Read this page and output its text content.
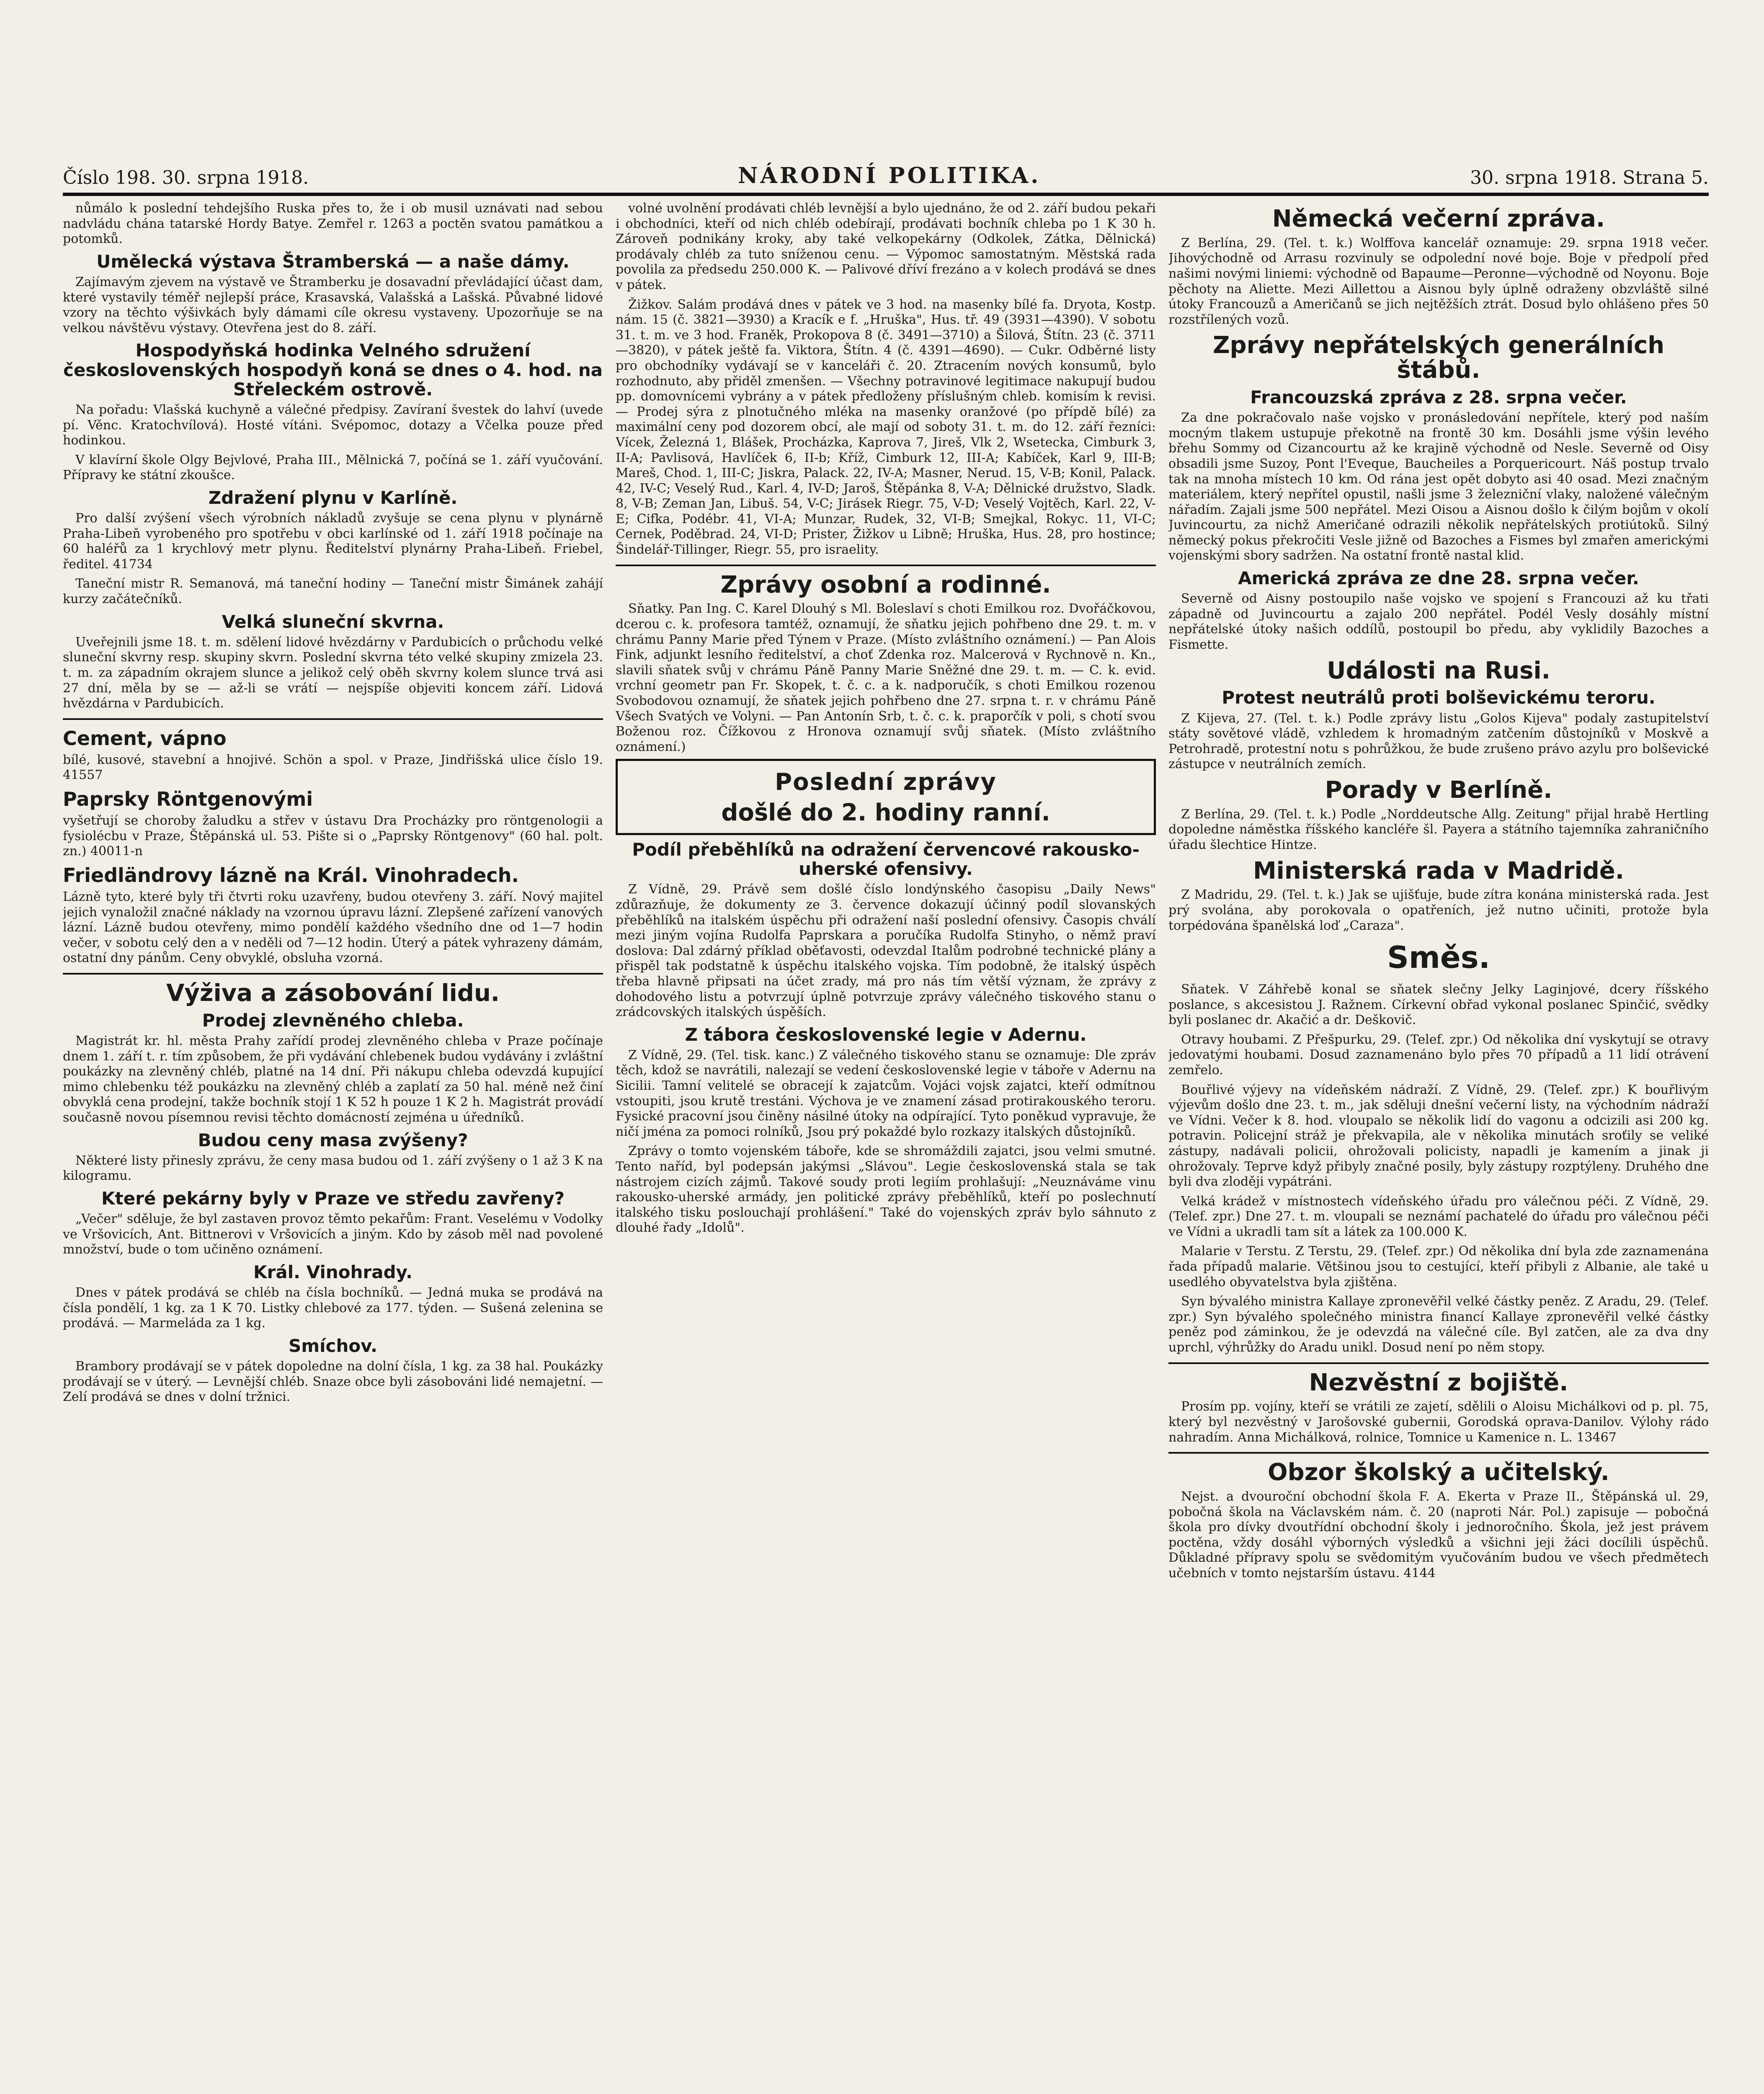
Číslo 198. 30. srpna 1918.	NÁRODNÍ POLITIKA.	30. srpna 1918. Strana 5.

nůmálo k poslední tehdejšího Ruska přes to, že i ob musil uznávati nad sebou nadvládu chána tatarské Hordy Batye. Zemřel r. 1263 a poctěn svatou památkou a potomků.

Umělecká výstava Štramberská — a naše dámy.

Zajímavým zjevem na výstavě ve Štramberku je dosavadní převládající účast dam, které vystavily téměř nejlepší práce, Krasavská, Valašská a Lašská. Půvabné lidové vzory na těchto výšivkách byly dámami cíle okresu vystaveny. Upozorňuje se na velkou návštěvu výstavy. Otevřena jest do 8. září.

Hospodyňská hodinka Velného sdružení československých hospodyň koná se dnes o 4. hod. na Střeleckém ostrově.

Na pořadu: Vlašská kuchyně a válečné předpisy. Zavíraní švestek do lahví (uvede pí. Věnc. Kratochvílová). Hosté vítáni. Svépomoc, dotazy a Včelka pouze před hodinkou.

V klavírní škole Olgy Bejvlové, Praha III., Mělnická 7, počíná se 1. září vyučování. Přípravy ke státní zkoušce.

Zdražení plynu v Karlíně.

Pro další zvýšení všech výrobních nákladů zvyšuje se cena plynu v plynárně Praha-Libeň vyrobeného pro spotřebu v obci karlínské od 1. září 1918 počínaje na 60 haléřů za 1 krychlový metr plynu. Ředitelství plynárny Praha-Libeň. Friebel, ředitel. 41734

Taneční mistr R. Semanová, má taneční hodiny — Taneční mistr Šimánek zahájí kurzy začátečníků.

Velká sluneční skvrna.

Uveřejnili jsme 18. t. m. sdělení lidové hvězdárny v Pardubicích o průchodu velké sluneční skvrny resp. skupiny skvrn. Poslední skvrna této velké skupiny zmizela 23. t. m. za západním okrajem slunce a jelikož celý oběh skvrny kolem slunce trvá asi 27 dní, měla by se — až-li se vrátí — nejspíše objeviti koncem září. Lidová hvězdárna v Pardubicích.

Cement, vápno
bílé, kusové, stavební a hnojivé. Schön a spol. v Praze, Jindřišská ulice číslo 19. 41557
Paprsky Röntgenovými
vyšetřují se choroby žaludku a střev v ústavu Dra Procházky pro röntgenologii a fysiolécbu v Praze, Štěpánská ul. 53. Pište si o „Paprsky Röntgenovy" (60 hal. polt. zn.) 40011-n
Friedländrovy lázně na Král. Vinohradech.
Lázně tyto, které byly tři čtvrti roku uzavřeny, budou otevřeny 3. září. Nový majitel jejich vynaložil značné náklady na vzornou úpravu lázní. Zlepšené zařízení vanových lázní. Lázně budou otevřeny, mimo pondělí každého všedního dne od 1—7 hodin večer, v sobotu celý den a v neděli od 7—12 hodin. Úterý a pátek vyhrazeny dámám, ostatní dny pánům. Ceny obvyklé, obsluha vzorná.
Výživa a zásobování lidu.
Prodej zlevněného chleba.

Magistrát kr. hl. města Prahy zařídí prodej zlevněného chleba v Praze počínaje dnem 1. září t. r. tím způsobem, že při vydávání chlebenek budou vydávány i zvláštní poukázky na zlevněný chléb, platné na 14 dní. Při nákupu chleba odevzdá kupující mimo chlebenku též poukázku na zlevněný chléb a zaplatí za 50 hal. méně než činí obvyklá cena prodejní, takže bochník stojí 1 K 52 h pouze 1 K 2 h. Magistrát provádí současně novou písemnou revisi těchto domácností zejména u úředníků.

Budou ceny masa zvýšeny?

Některé listy přinesly zprávu, že ceny masa budou od 1. září zvýšeny o 1 až 3 K na kilogramu.

Které pekárny byly v Praze ve středu zavřeny?

„Večer" sděluje, že byl zastaven provoz těmto pekařům: Frant. Veselému v Vodolky ve Vršovicích, Ant. Bittnerovi v Vršovicích a jiným. Kdo by zásob měl nad povolené množství, bude o tom učiněno oznámení.

Král. Vinohrady.

Dnes v pátek prodává se chléb na čísla bochníků. — Jedná muka se prodává na čísla pondělí, 1 kg. za 1 K 70. Listky chlebové za 177. týden. — Sušená zelenina se prodává. — Marmeláda za 1 kg.

Smíchov.

Brambory prodávají se v pátek dopoledne na dolní čísla, 1 kg. za 38 hal. Poukázky prodávají se v úterý. — Levnější chléb. Snaze obce byli zásobováni lidé nemajetní. — Zelí prodává se dnes v dolní tržnici.

volné uvolnění prodávati chléb levnější a bylo ujednáno, že od 2. září budou pekaři i obchodníci, kteří od nich chléb odebírají, prodávati bochník chleba po 1 K 30 h. Zároveň podnikány kroky, aby také velkopekárny (Odkolek, Zátka, Dělnická) prodávaly chléb za tuto sníženou cenu. — Výpomoc samostatným. Městská rada povolila za předsedu 250.000 K. — Palivové dříví frezáno a v kolech prodává se dnes v pátek.

Žižkov. Salám prodává dnes v pátek ve 3 hod. na masenky bílé fa. Dryota, Kostp. nám. 15 (č. 3821—3930) a Kracík e f. „Hruška", Hus. tř. 49 (3931—4390). V sobotu 31. t. m. ve 3 hod. Franěk, Prokopova 8 (č. 3491—3710) a Šilová, Štítn. 23 (č. 3711—3820), v pátek ještě fa. Viktora, Štítn. 4 (č. 4391—4690). — Cukr. Odběrné listy pro obchodníky vydávají se v kanceláři č. 20. Ztracením nových konsumů, bylo rozhodnuto, aby přiděl zmenšen. — Všechny potravinové legitimace nakupují budou pp. domovnícemi vybrány a v pátek předloženy příslušným chleb. komisím k revisi. — Prodej sýra z plnotučného mléka na masenky oranžové (po přípdě bílé) za maximální ceny pod dozorem obcí, ale mají od soboty 31. t. m. do 12. září řezníci: Vícek, Železná 1, Blášek, Procházka, Kaprova 7, Jireš, Vlk 2, Wsetecka, Cimburk 3, II-A; Pavlisová, Havlíček 6, II-b; Kříž, Cimburk 12, III-A; Kabíček, Karl 9, III-B; Mareš, Chod. 1, III-C; Jiskra, Palack. 22, IV-A; Masner, Nerud. 15, V-B; Konil, Palack. 42, IV-C; Veselý Rud., Karl. 4, IV-D; Jaroš, Štěpánka 8, V-A; Dělnické družstvo, Sladk. 8, V-B; Zeman Jan, Libuš. 54, V-C; Jirásek Riegr. 75, V-D; Veselý Vojtěch, Karl. 22, V-E; Cifka, Podébr. 41, VI-A; Munzar, Rudek, 32, VI-B; Smejkal, Rokyc. 11, VI-C; Cernek, Poděbrad. 24, VI-D; Prister, Žižkov u Libně; Hruška, Hus. 28, pro hostince; Šindelář-Tillinger, Riegr. 55, pro israelity.

Zprávy osobní a rodinné.

Sňatky. Pan Ing. C. Karel Dlouhý s Ml. Boleslaví s choti Emilkou roz. Dvořáčkovou, dcerou c. k. profesora tamtéž, oznamují, že sňatku jejich pohřbeno dne 29. t. m. v chrámu Panny Marie před Týnem v Praze. (Místo zvláštního oznámení.) — Pan Alois Fink, adjunkt lesního ředitelství, a choť Zdenka roz. Malcerová v Rychnově n. Kn., slavili sňatek svůj v chrámu Páně Panny Marie Sněžné dne 29. t. m. — C. k. evid. vrchní geometr pan Fr. Skopek, t. č. c. a k. nadporučík, s choti Emilkou rozenou Svobodovou oznamují, že sňatek jejich pohřbeno dne 27. srpna t. r. v chrámu Páně Všech Svatých ve Volyni. — Pan Antonín Srb, t. č. c. k. praporčík v poli, s chotí svou Boženou roz. Čížkovou z Hronova oznamují svůj sňatek. (Místo zvláštního oznámení.)

Poslední zprávy
došlé do 2. hodiny ranní.
Podíl přeběhlíků na odražení červencové rakousko-uherské ofensivy.

Z Vídně, 29. Právě sem došlé číslo londýnského časopisu „Daily News" zdůrazňuje, že dokumenty ze 3. července dokazují účinný podíl slovanských přeběhlíků na italském úspěchu při odražení naší poslední ofensivy. Časopis chválí mezi jiným vojína Rudolfa Paprskara a poručíka Rudolfa Stinyho, o němž praví doslova: Dal zdárný příklad oběťavosti, odevzdal Italům podrobné technické plány a přispěl tak podstatně k úspěchu italského vojska. Tím podobně, že italský úspěch třeba hlavně připsati na účet zrady, má pro nás tím větší význam, že zprávy z dohodového listu a potvrzují úplně potvrzuje zprávy válečného tiskového stanu o zrádcovských italských úspěších.

Z tábora československé legie v Adernu.

Z Vídně, 29. (Tel. tisk. kanc.) Z válečného tiskového stanu se oznamuje: Dle zpráv těch, kdož se navrátili, nalezají se vedení československé legie v táboře v Adernu na Sicilii. Tamní velitelé se obracejí k zajatcům. Vojáci vojsk zajatci, kteří odmítnou vstoupiti, jsou krutě trestáni. Výchova je ve znamení zásad protirakouského teroru. Fysické pracovní jsou činěny násilné útoky na odpírající. Tyto poněkud vypravuje, že ničí jména za pomoci rolníků, Jsou prý pokaždé bylo rozkazy italských důstojníků.

Zprávy o tomto vojenském táboře, kde se shromáždili zajatci, jsou velmi smutné. Tento naříd, byl podepsán jakýmsi „Slávou". Legie československá stala se tak nástrojem cizích zájmů. Takové soudy proti legiím prohlašují: „Neuznáváme vinu rakousko-uherské armády, jen politické zprávy přeběhlíků, kteří po poslechnutí italského tisku poslouchají prohlášení." Také do vojenských zpráv bylo sáhnuto z dlouhé řady „Idolů".

Německá večerní zpráva.

Z Berlína, 29. (Tel. t. k.) Wolffova kancelář oznamuje: 29. srpna 1918 večer. Jihovýchodně od Arrasu rozvinuly se odpolední nové boje. Boje v předpolí před našimi novými liniemi: východně od Bapaume—Peronne—východně od Noyonu. Boje pěchoty na Aliette. Mezi Aillettou a Aisnou byly úplně odraženy obzvláště silné útoky Francouzů a Američanů se jich nejtěžších ztrát. Dosud bylo ohlášeno přes 50 rozstřílených vozů.

Zprávy nepřátelských generálních štábů.
Francouzská zpráva z 28. srpna večer.

Za dne pokračovalo naše vojsko v pronásledování nepřítele, který pod naším mocným tlakem ustupuje překotně na frontě 30 km. Dosáhli jsme výšin levého břehu Sommy od Cizancourtu až ke krajině východně od Nesle. Severně od Oisy obsadili jsme Suzoy, Pont l'Eveque, Baucheiles a Porquericourt. Náš postup trvalo tak na mnoha místech 10 km. Od rána jest opět dobyto asi 40 osad. Mezi značným materiálem, který nepřítel opustil, našli jsme 3 železniční vlaky, naložené válečným nářadím. Zajali jsme 500 nepřátel. Mezi Oisou a Aisnou došlo k čilým bojům v okolí Juvincourtu, za nichž Američané odrazili několik nepřátelských protiútoků. Silný německý pokus překročiti Vesle jižně od Bazoches a Fismes byl zmařen americkými vojenskými sbory sadržen. Na ostatní frontě nastal klid.

Americká zpráva ze dne 28. srpna večer.

Severně od Aisny postoupilo naše vojsko ve spojení s Francouzi až ku třati západně od Juvincourtu a zajalo 200 nepřátel. Podél Vesly dosáhly místní nepřátelské útoky našich oddílů, postoupil bo předu, aby vyklidily Bazoches a Fismette.

Události na Rusi.
Protest neutrálů proti bolševickému teroru.

Z Kijeva, 27. (Tel. t. k.) Podle zprávy listu „Golos Kijeva" podaly zastupitelství státy sovětové vládě, vzhledem k hromadným zatčením důstojníků v Moskvě a Petrohradě, protestní notu s pohrůžkou, že bude zrušeno právo azylu pro bolševické zástupce v neutrálních zemích.

Porady v Berlíně.

Z Berlína, 29. (Tel. t. k.) Podle „Norddeutsche Allg. Zeitung" přijal hrabě Hertling dopoledne náměstka říšského kancléře šl. Payera a státního tajemníka zahraničního úřadu šlechtice Hintze.

Ministerská rada v Madridě.

Z Madridu, 29. (Tel. t. k.) Jak se ujišťuje, bude zítra konána ministerská rada. Jest prý svolána, aby porokovala o opatřeních, jež nutno učiniti, protože byla torpédována španělská loď „Caraza".

Směs.

Sňatek. V Záhřebě konal se sňatek slečny Jelky Laginjové, dcery říšského poslance, s akcesistou J. Ražnem. Církevní obřad vykonal poslanec Spinčić, svědky byli poslanec dr. Akačić a dr. Deškovič.

Otravy houbami. Z Přešpurku, 29. (Telef. zpr.) Od několika dní vyskytují se otravy jedovatými houbami. Dosud zaznamenáno bylo přes 70 případů a 11 lidí otrávení zemřelo.

Bouřlivé výjevy na vídeňském nádraží. Z Vídně, 29. (Telef. zpr.) K bouřlivým výjevům došlo dne 23. t. m., jak sděluji dnešní večerní listy, na východním nádraží ve Vídni. Večer k 8. hod. vloupalo se několik lidí do vagonu a odcizili asi 200 kg. potravin. Policejní stráž je překvapila, ale v několika minutách sroťily se veliké zástupy, nadávali policii, ohrožovali policisty, napadli je kamením a jinak ji ohrožovaly. Teprve když přibyly značné posily, byly zástupy rozptýleny. Druhého dne byli dva zloději vypátráni.

Velká krádež v místnostech vídeňského úřadu pro válečnou péči. Z Vídně, 29. (Telef. zpr.) Dne 27. t. m. vloupali se neznámí pachatelé do úřadu pro válečnou péči ve Vídni a ukradli tam sít a látek za 100.000 K.

Malarie v Terstu. Z Terstu, 29. (Telef. zpr.) Od několika dní byla zde zaznamenána řada případů malarie. Většinou jsou to cestující, kteří přibyli z Albanie, ale také u usedlého obyvatelstva byla zjištěna.

Syn bývalého ministra Kallaye zpronevěřil velké částky peněz. Z Aradu, 29. (Telef. zpr.) Syn bývalého společného ministra financí Kallaye zpronevěřil velké částky peněz pod záminkou, že je odevzdá na válečné cíle. Byl zatčen, ale za dva dny uprchl, výhrůžky do Aradu unikl. Dosud není po něm stopy.

Nezvěstní z bojiště.

Prosím pp. vojíny, kteří se vrátili ze zajetí, sdělili o Aloisu Michálkovi od p. pl. 75, který byl nezvěstný v Jarošovské gubernii, Gorodská oprava-Danilov. Výlohy rádo nahradím. Anna Michálková, rolnice, Tomnice u Kamenice n. L. 13467

Obzor školský a učitelský.

Nejst. a dvouroční obchodní škola F. A. Ekerta v Praze II., Štěpánská ul. 29, pobočná škola na Václavském nám. č. 20 (naproti Nár. Pol.) zapisuje — pobočná škola pro dívky dvoutřídní obchodní školy i jednoročního. Škola, jež jest právem poctěna, vždy dosáhl výborných výsledků a všichni jeji žáci docílili úspěchů. Důkladné přípravy spolu se svědomitým vyučováním budou ve všech předmětech učebních v tomto nejstarším ústavu. 4144
